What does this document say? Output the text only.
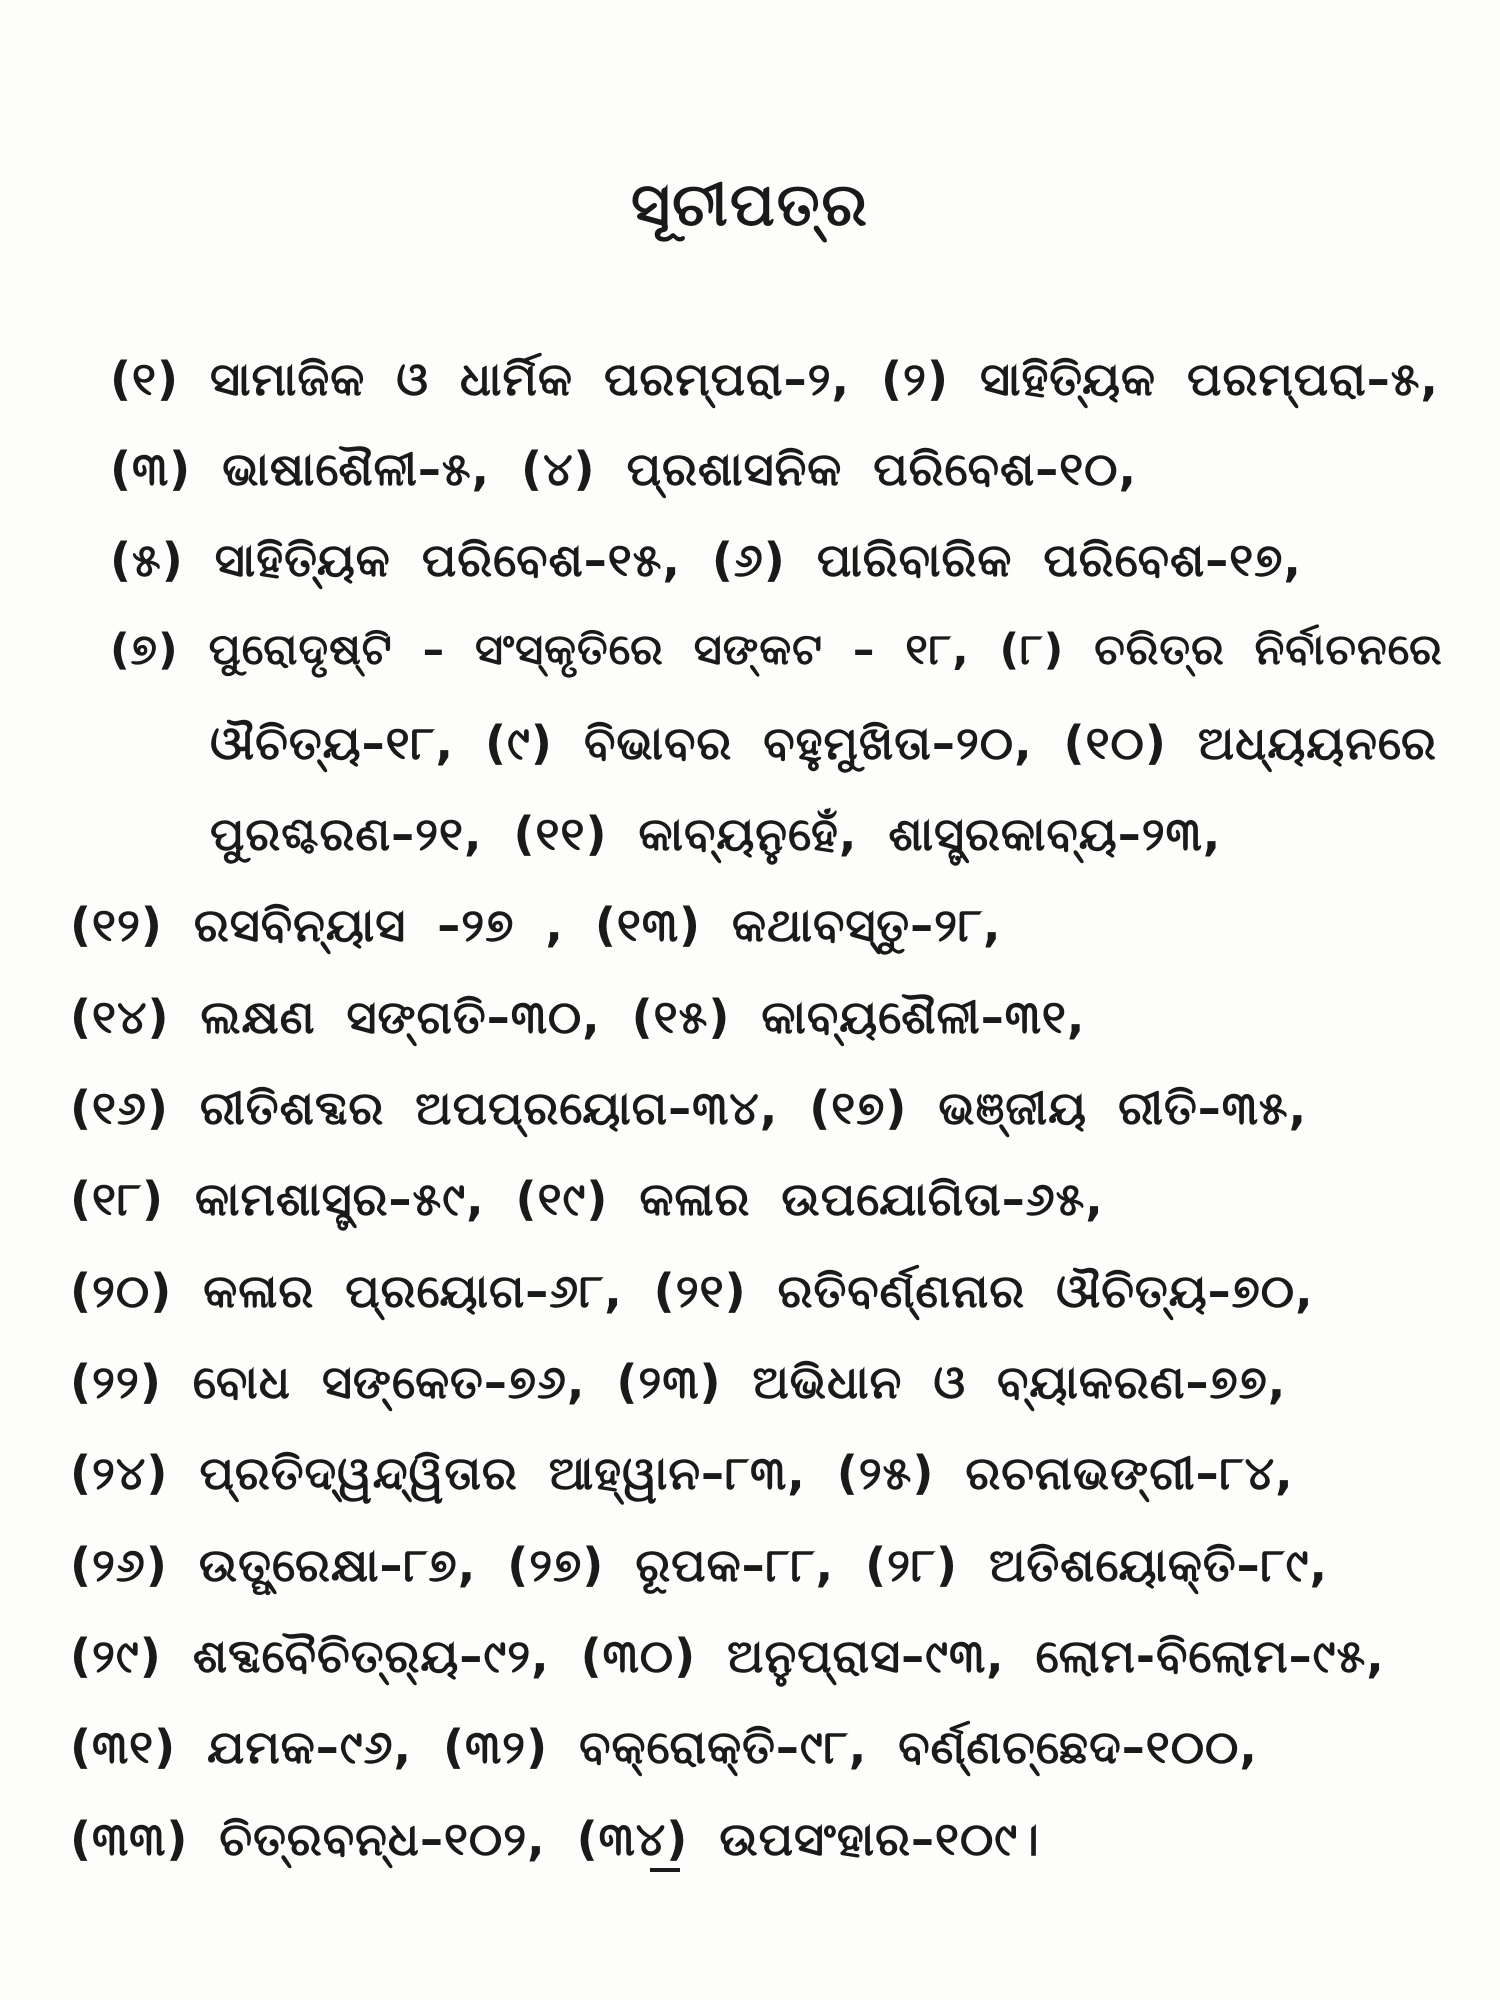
ସୂଚୀପତ୍ର
(୧) ସାମାଜିକ ଓ ଧାର୍ମିକ ପରମ୍ପରା–୨, (୨) ସାହିତ୍ୟିକ ପରମ୍ପରା–୫,
(୩) ଭାଷାଶୈଳୀ–୫, (୪) ପ୍ରଶାସନିକ ପରିବେଶ–୧୦,
(୫) ସାହିତ୍ୟିକ ପରିବେଶ–୧୫, (୬) ପାରିବାରିକ ପରିବେଶ–୧୭,
(୭) ପୁରୋଦୃଷ୍ଟି – ସଂସ୍କୃତିରେ ସଙ୍କଟ – ୧୮, (୮) ଚରିତ୍ର ନିର୍ବାଚନରେ
ଔଚିତ୍ୟ–୧୮, (୯) ବିଭାବର ବହୁମୁଖିତା–୨୦, (୧୦) ଅଧ୍ୟୟନରେ
ପୁରଶ୍ଚରଣ–୨୧, (୧୧) କାବ୍ୟନୁହେଁ, ଶାସ୍ତ୍ରକାବ୍ୟ–୨୩,
(୧୨) ରସବିନ୍ୟାସ –୨୭ , (୧୩) କଥାବସ୍ତୁ–୨୮,
(୧୪) ଲକ୍ଷଣ ସଙ୍ଗତି–୩୦, (୧୫) କାବ୍ୟଶୈଳୀ–୩୧,
(୧୬) ରୀତିଶବ୍ଦର ଅପପ୍ରୟୋଗ–୩୪, (୧୭) ଭଞ୍ଜୀୟ ରୀତି–୩୫,
(୧୮) କାମଶାସ୍ତ୍ର–୫୯, (୧୯) କଳାର ଉପଯୋଗିତା–୬୫,
(୨୦) କଳାର ପ୍ରୟୋଗ–୬୮, (୨୧) ରତିବର୍ଣ୍ଣନାର ଔଚିତ୍ୟ–୭୦,
(୨୨) ବୋଧ ସଙ୍କେତ–୭୬, (୨୩) ଅଭିଧାନ ଓ ବ୍ୟାକରଣ–୭୭,
(୨୪) ପ୍ରତିଦ୍ୱନ୍ଦ୍ୱିତାର ଆହ୍ୱାନ–୮୩, (୨୫) ରଚନାଭଙ୍ଗୀ–୮୪,
(୨୬) ଉତ୍ପ୍ରେକ୍ଷା–୮୭, (୨୭) ରୂପକ–୮୮, (୨୮) ଅତିଶୟୋକ୍ତି–୮୯,
(୨୯) ଶବ୍ଦବୈଚିତ୍ର୍ୟ–୯୨, (୩୦) ଅନୁପ୍ରାସ–୯୩, ଲୋମ-ବିଲୋମ–୯୫,
(୩୧) ଯମକ–୯୬, (୩୨) ବକ୍ରୋକ୍ତି–୯୮, ବର୍ଣ୍ଣଚ୍ଛେଦ–୧୦୦,
(୩୩) ଚିତ୍ରବନ୍ଧ–୧୦୨, (୩୪) ଉପସଂହାର–୧୦୯।
